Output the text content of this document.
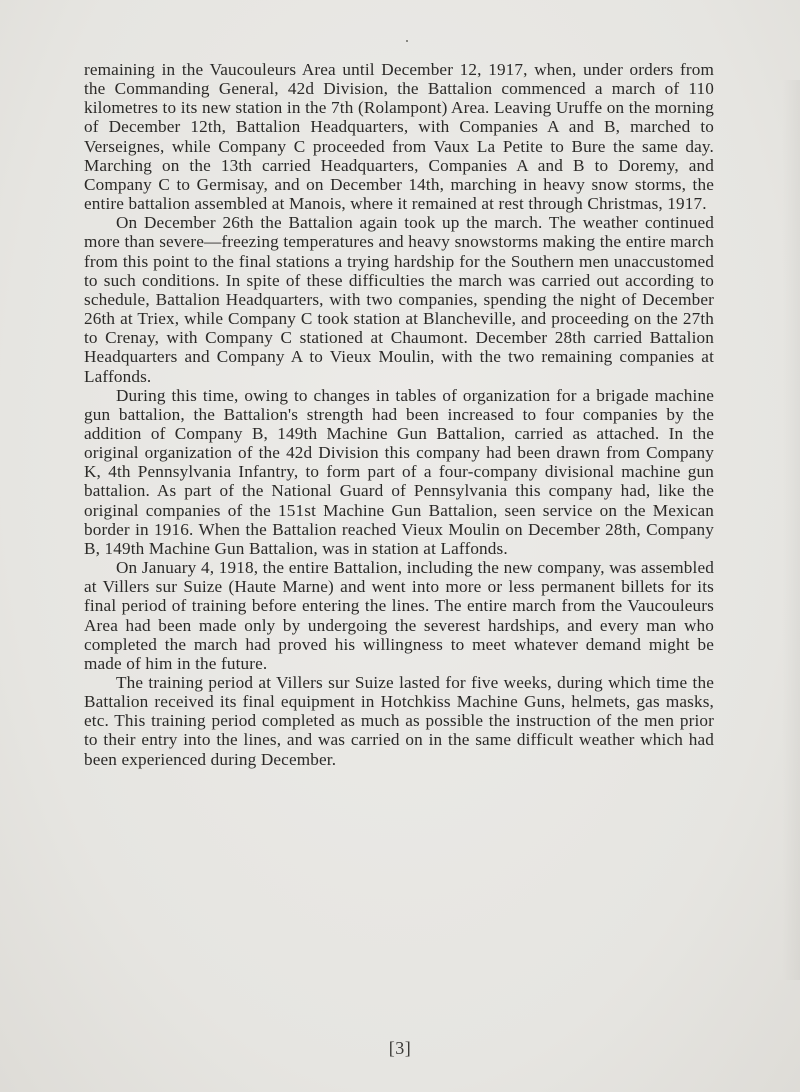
remaining in the Vaucouleurs Area until December 12, 1917, when, under orders from the Commanding General, 42d Division, the Battalion commenced a march of 110 kilometres to its new station in the 7th (Rolampont) Area. Leaving Uruffe on the morning of December 12th, Battalion Headquarters, with Companies A and B, marched to Verseignes, while Company C proceeded from Vaux La Petite to Bure the same day. Marching on the 13th carried Headquarters, Companies A and B to Doremy, and Company C to Germisay, and on December 14th, marching in heavy snow storms, the entire battalion assembled at Manois, where it remained at rest through Christmas, 1917.

On December 26th the Battalion again took up the march. The weather continued more than severe—freezing temperatures and heavy snowstorms making the entire march from this point to the final stations a trying hardship for the Southern men unaccustomed to such conditions. In spite of these difficulties the march was carried out according to schedule, Battalion Headquarters, with two companies, spending the night of December 26th at Triex, while Company C took station at Blancheville, and proceeding on the 27th to Crenay, with Company C stationed at Chaumont. December 28th carried Battalion Headquarters and Company A to Vieux Moulin, with the two remaining companies at Laffonds.

During this time, owing to changes in tables of organization for a brigade machine gun battalion, the Battalion's strength had been increased to four companies by the addition of Company B, 149th Machine Gun Battalion, carried as attached. In the original organization of the 42d Division this company had been drawn from Company K, 4th Pennsylvania Infantry, to form part of a four-company divisional machine gun battalion. As part of the National Guard of Pennsylvania this company had, like the original companies of the 151st Machine Gun Battalion, seen service on the Mexican border in 1916. When the Battalion reached Vieux Moulin on December 28th, Company B, 149th Machine Gun Battalion, was in station at Laffonds.

On January 4, 1918, the entire Battalion, including the new company, was assembled at Villers sur Suize (Haute Marne) and went into more or less permanent billets for its final period of training before entering the lines. The entire march from the Vaucouleurs Area had been made only by undergoing the severest hardships, and every man who completed the march had proved his willingness to meet whatever demand might be made of him in the future.

The training period at Villers sur Suize lasted for five weeks, during which time the Battalion received its final equipment in Hotchkiss Machine Guns, helmets, gas masks, etc. This training period completed as much as possible the instruction of the men prior to their entry into the lines, and was carried on in the same difficult weather which had been experienced during December.

[3]
